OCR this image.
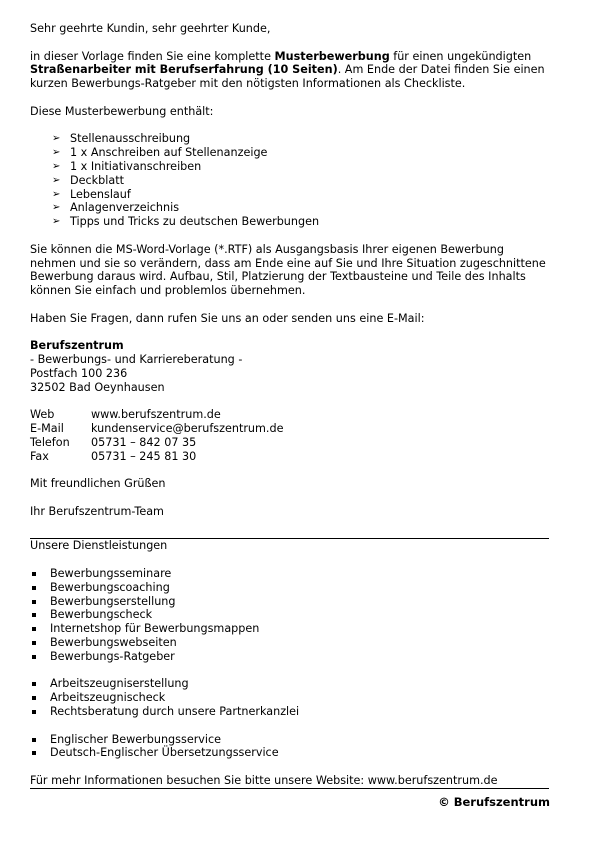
Sehr geehrte Kundin, sehr geehrter Kunde,

in dieser Vorlage finden Sie eine komplette Musterbewerbung für einen ungekündigten Straßenarbeiter mit Berufserfahrung (10 Seiten). Am Ende der Datei finden Sie einen kurzen Bewerbungs-Ratgeber mit den nötigsten Informationen als Checkliste.

Diese Musterbewerbung enthält:

➢ Stellenausschreibung
➢ 1 x Anschreiben auf Stellenanzeige
➢ 1 x Initiativanschreiben
➢ Deckblatt
➢ Lebenslauf
➢ Anlagenverzeichnis
➢ Tipps und Tricks zu deutschen Bewerbungen

Sie können die MS-Word-Vorlage (*.RTF) als Ausgangsbasis Ihrer eigenen Bewerbung nehmen und sie so verändern, dass am Ende eine auf Sie und Ihre Situation zugeschnittene Bewerbung daraus wird. Aufbau, Stil, Platzierung der Textbausteine und Teile des Inhalts können Sie einfach und problemlos übernehmen.

Haben Sie Fragen, dann rufen Sie uns an oder senden uns eine E-Mail:

Berufszentrum

- Bewerbungs- und Karriereberatung -

Postfach 100 236

32502 Bad Oeynhausen

Web	www.berufszentrum.de
E-Mail	kundenservice@berufszentrum.de
Telefon	05731 – 842 07 35
Fax	05731 – 245 81 30

Mit freundlichen Grüßen

Ihr Berufszentrum-Team

Unsere Dienstleistungen

Bewerbungsseminare
Bewerbungscoaching
Bewerbungserstellung
Bewerbungscheck
Internetshop für Bewerbungsmappen
Bewerbungswebseiten
Bewerbungs-Ratgeber
Arbeitszeugniserstellung
Arbeitszeugnischeck
Rechtsberatung durch unsere Partnerkanzlei
Englischer Bewerbungsservice
Deutsch-Englischer Übersetzungsservice

Für mehr Informationen besuchen Sie bitte unsere Website: www.berufszentrum.de

© Berufszentrum
